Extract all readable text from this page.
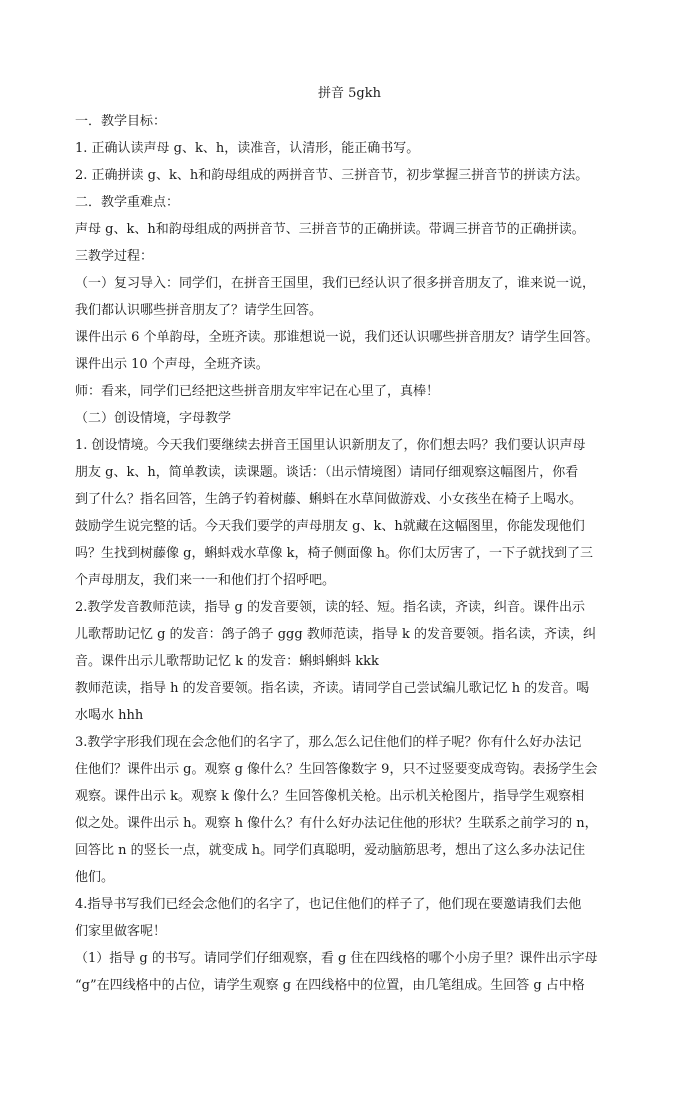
拼音 5gkh

一．教学目标：

1. 正确认读声母 g、k、h，读准音，认清形，能正确书写。

2. 正确拼读 g、k、h和韵母组成的两拼音节、三拼音节，初步掌握三拼音节的拼读方法。

二．教学重难点：

声母 g、k、h和韵母组成的两拼音节、三拼音节的正确拼读。带调三拼音节的正确拼读。

三教学过程：

（一）复习导入：同学们，在拼音王国里，我们已经认识了很多拼音朋友了，谁来说一说，

我们都认识哪些拼音朋友了？请学生回答。

课件出示 6 个单韵母，全班齐读。那谁想说一说，我们还认识哪些拼音朋友？请学生回答。

课件出示 10 个声母，全班齐读。

师：看来，同学们已经把这些拼音朋友牢牢记在心里了，真棒！

（二）创设情境，字母教学

1. 创设情境。今天我们要继续去拼音王国里认识新朋友了，你们想去吗？我们要认识声母

朋友 g、k、h，简单教读，读课题。谈话：（出示情境图）请同仔细观察这幅图片，你看

到了什么？指名回答，生鸽子钓着树藤、蝌蚪在水草间做游戏、小女孩坐在椅子上喝水。

鼓励学生说完整的话。今天我们要学的声母朋友 g、k、h就藏在这幅图里，你能发现他们

吗？生找到树藤像 g，蝌蚪戏水草像 k，椅子侧面像 h。你们太厉害了，一下子就找到了三

个声母朋友，我们来一一和他们打个招呼吧。

2.教学发音教师范读，指导 g 的发音要领，读的轻、短。指名读，齐读，纠音。课件出示

儿歌帮助记忆 g 的发音：鸽子鸽子 ggg 教师范读，指导 k 的发音要领。指名读，齐读，纠

音。课件出示儿歌帮助记忆 k 的发音：蝌蚪蝌蚪 kkk

教师范读，指导 h 的发音要领。指名读，齐读。请同学自己尝试编儿歌记忆 h 的发音。喝

水喝水 hhh

3.教学字形我们现在会念他们的名字了，那么怎么记住他们的样子呢？你有什么好办法记

住他们？课件出示 g。观察 g 像什么？生回答像数字 9，只不过竖要变成弯钩。表扬学生会

观察。课件出示 k。观察 k 像什么？生回答像机关枪。出示机关枪图片，指导学生观察相

似之处。课件出示 h。观察 h 像什么？有什么好办法记住他的形状？生联系之前学习的 n，

回答比 n 的竖长一点，就变成 h。同学们真聪明，爱动脑筋思考，想出了这么多办法记住

他们。

4.指导书写我们已经会念他们的名字了，也记住他们的样子了，他们现在要邀请我们去他

们家里做客呢！

（1）指导 g 的书写。请同学们仔细观察，看 g 住在四线格的哪个小房子里？课件出示字母

“g”在四线格中的占位，请学生观察 g 在四线格中的位置，由几笔组成。生回答 g 占中格
